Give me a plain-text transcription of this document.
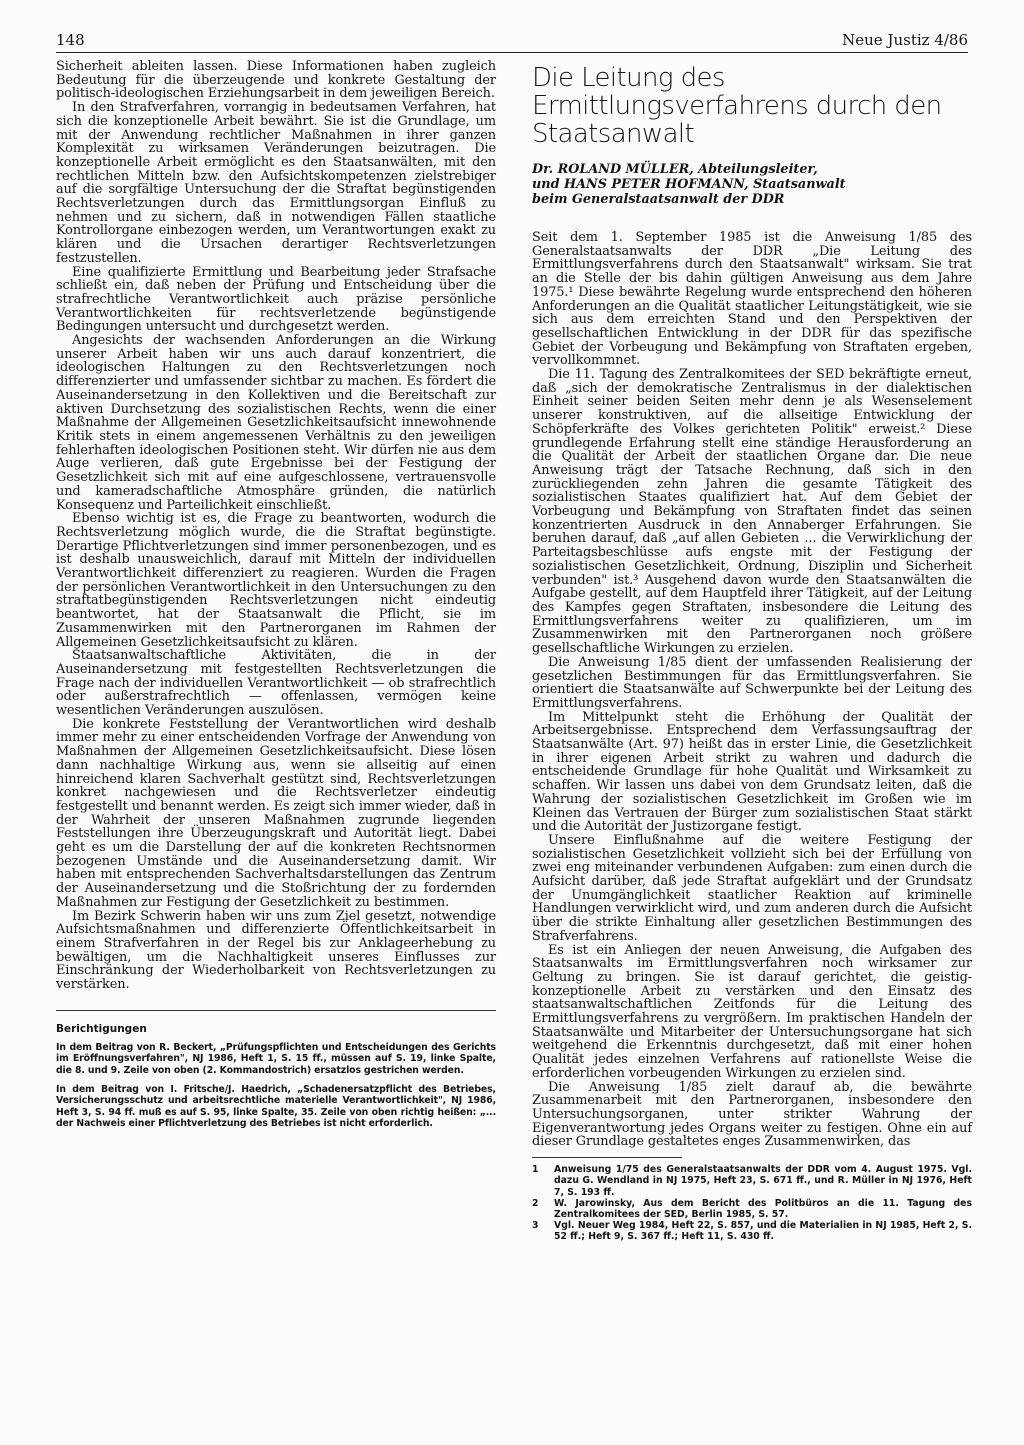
148	Neue Justiz 4/86

Sicherheit ableiten lassen. Diese Informationen haben zugleich Bedeutung für die überzeugende und konkrete Gestaltung der politisch-ideologischen Erziehungsarbeit in dem jeweiligen Bereich.

In den Strafverfahren, vorrangig in bedeutsamen Verfahren, hat sich die konzeptionelle Arbeit bewährt. Sie ist die Grundlage, um mit der Anwendung rechtlicher Maßnahmen in ihrer ganzen Komplexität zu wirksamen Veränderungen beizutragen. Die konzeptionelle Arbeit ermöglicht es den Staatsanwälten, mit den rechtlichen Mitteln bzw. den Aufsichtskompetenzen zielstrebiger auf die sorgfältige Untersuchung der die Straftat begünstigenden Rechtsverletzungen durch das Ermittlungsorgan Einfluß zu nehmen und zu sichern, daß in notwendigen Fällen staatliche Kontrollorgane einbezogen werden, um Verantwortungen exakt zu klären und die Ursachen derartiger Rechtsverletzungen festzustellen.

Eine qualifizierte Ermittlung und Bearbeitung jeder Strafsache schließt ein, daß neben der Prüfung und Entscheidung über die strafrechtliche Verantwortlichkeit auch präzise persönliche Verantwortlichkeiten für rechtsverletzende begünstigende Bedingungen untersucht und durchgesetzt werden.

Angesichts der wachsenden Anforderungen an die Wirkung unserer Arbeit haben wir uns auch darauf konzentriert, die ideologischen Haltungen zu den Rechtsverletzungen noch differenzierter und umfassender sichtbar zu machen. Es fördert die Auseinandersetzung in den Kollektiven und die Bereitschaft zur aktiven Durchsetzung des sozialistischen Rechts, wenn die einer Maßnahme der Allgemeinen Gesetzlichkeitsaufsicht innewohnende Kritik stets in einem angemessenen Verhältnis zu den jeweiligen fehlerhaften ideologischen Positionen steht. Wir dürfen nie aus dem Auge verlieren, daß gute Ergebnisse bei der Festigung der Gesetzlichkeit sich mit auf eine aufgeschlossene, vertrauensvolle und kameradschaftliche Atmosphäre gründen, die natürlich Konsequenz und Parteilichkeit einschließt.

Ebenso wichtig ist es, die Frage zu beantworten, wodurch die Rechtsverletzung möglich wurde, die die Straftat begünstigte. Derartige Pflichtverletzungen sind immer personenbezogen, und es ist deshalb unausweichlich, darauf mit Mitteln der individuellen Verantwortlichkeit differenziert zu reagieren. Wurden die Fragen der persönlichen Verantwortlichkeit in den Untersuchungen zu den straftatbegünstigenden Rechtsverletzungen nicht eindeutig beantwortet, hat der Staatsanwalt die Pflicht, sie im Zusammenwirken mit den Partnerorganen im Rahmen der Allgemeinen Gesetzlichkeitsaufsicht zu klären.

Staatsanwaltschaftliche Aktivitäten, die in der Auseinandersetzung mit festgestellten Rechtsverletzungen die Frage nach der individuellen Verantwortlichkeit — ob strafrechtlich oder außerstrafrechtlich — offenlassen, vermögen keine wesentlichen Veränderungen auszulösen.

Die konkrete Feststellung der Verantwortlichen wird deshalb immer mehr zu einer entscheidenden Vorfrage der Anwendung von Maßnahmen der Allgemeinen Gesetzlichkeitsaufsicht. Diese lösen dann nachhaltige Wirkung aus, wenn sie allseitig auf einen hinreichend klaren Sachverhalt gestützt sind, Rechtsverletzungen konkret nachgewiesen und die Rechtsverletzer eindeutig festgestellt und benannt werden. Es zeigt sich immer wieder, daß in der Wahrheit der unseren Maßnahmen zugrunde liegenden Feststellungen ihre Überzeugungskraft und Autorität liegt. Dabei geht es um die Darstellung der auf die konkreten Rechtsnormen bezogenen Umstände und die Auseinandersetzung damit. Wir haben mit entsprechenden Sachverhaltsdarstellungen das Zentrum der Auseinandersetzung und die Stoßrichtung der zu fordernden Maßnahmen zur Festigung der Gesetzlichkeit zu bestimmen.

Im Bezirk Schwerin haben wir uns zum Ziel gesetzt, notwendige Aufsichtsmaßnahmen und differenzierte Öffentlichkeitsarbeit in einem Strafverfahren in der Regel bis zur Anklageerhebung zu bewältigen, um die Nachhaltigkeit unseres Einflusses zur Einschränkung der Wiederholbarkeit von Rechtsverletzungen zu verstärken.

Berichtigungen

In dem Beitrag von R. Beckert, „Prüfungspflichten und Entscheidungen des Gerichts im Eröffnungsverfahren", NJ 1986, Heft 1, S. 15 ff., müssen auf S. 19, linke Spalte, die 8. und 9. Zeile von oben (2. Kommandostrich) ersatzlos gestrichen werden.

In dem Beitrag von I. Fritsche/J. Haedrich, „Schadenersatzpflicht des Betriebes, Versicherungsschutz und arbeitsrechtliche materielle Verantwortlichkeit", NJ 1986, Heft 3, S. 94 ff. muß es auf S. 95, linke Spalte, 35. Zeile von oben richtig heißen: „... der Nachweis einer Pflichtverletzung des Betriebes ist nicht erforderlich.

Die Leitung des Ermittlungsverfahrens durch den Staatsanwalt
Dr. ROLAND MÜLLER, Abteilungsleiter,
und HANS PETER HOFMANN, Staatsanwalt
beim Generalstaatsanwalt der DDR

Seit dem 1. September 1985 ist die Anweisung 1/85 des Generalstaatsanwalts der DDR „Die Leitung des Ermittlungsverfahrens durch den Staatsanwalt" wirksam. Sie trat an die Stelle der bis dahin gültigen Anweisung aus dem Jahre 1975.¹ Diese bewährte Regelung wurde entsprechend den höheren Anforderungen an die Qualität staatlicher Leitungstätigkeit, wie sie sich aus dem erreichten Stand und den Perspektiven der gesellschaftlichen Entwicklung in der DDR für das spezifische Gebiet der Vorbeugung und Bekämpfung von Straftaten ergeben, vervollkommnet.

Die 11. Tagung des Zentralkomitees der SED bekräftigte erneut, daß „sich der demokratische Zentralismus in der dialektischen Einheit seiner beiden Seiten mehr denn je als Wesenselement unserer konstruktiven, auf die allseitige Entwicklung der Schöpferkräfte des Volkes gerichteten Politik" erweist.² Diese grundlegende Erfahrung stellt eine ständige Herausforderung an die Qualität der Arbeit der staatlichen Organe dar. Die neue Anweisung trägt der Tatsache Rechnung, daß sich in den zurückliegenden zehn Jahren die gesamte Tätigkeit des sozialistischen Staates qualifiziert hat. Auf dem Gebiet der Vorbeugung und Bekämpfung von Straftaten findet das seinen konzentrierten Ausdruck in den Annaberger Erfahrungen. Sie beruhen darauf, daß „auf allen Gebieten ... die Verwirklichung der Parteitagsbeschlüsse aufs engste mit der Festigung der sozialistischen Gesetzlichkeit, Ordnung, Disziplin und Sicherheit verbunden" ist.³ Ausgehend davon wurde den Staatsanwälten die Aufgabe gestellt, auf dem Hauptfeld ihrer Tätigkeit, auf der Leitung des Kampfes gegen Straftaten, insbesondere die Leitung des Ermittlungsverfahrens weiter zu qualifizieren, um im Zusammenwirken mit den Partnerorganen noch größere gesellschaftliche Wirkungen zu erzielen.

Die Anweisung 1/85 dient der umfassenden Realisierung der gesetzlichen Bestimmungen für das Ermittlungsverfahren. Sie orientiert die Staatsanwälte auf Schwerpunkte bei der Leitung des Ermittlungsverfahrens.

Im Mittelpunkt steht die Erhöhung der Qualität der Arbeitsergebnisse. Entsprechend dem Verfassungsauftrag der Staatsanwälte (Art. 97) heißt das in erster Linie, die Gesetzlichkeit in ihrer eigenen Arbeit strikt zu wahren und dadurch die entscheidende Grundlage für hohe Qualität und Wirksamkeit zu schaffen. Wir lassen uns dabei von dem Grundsatz leiten, daß die Wahrung der sozialistischen Gesetzlichkeit im Großen wie im Kleinen das Vertrauen der Bürger zum sozialistischen Staat stärkt und die Autorität der Justizorgane festigt.

Unsere Einflußnahme auf die weitere Festigung der sozialistischen Gesetzlichkeit vollzieht sich bei der Erfüllung von zwei eng miteinander verbundenen Aufgaben: zum einen durch die Aufsicht darüber, daß jede Straftat aufgeklärt und der Grundsatz der Unumgänglichkeit staatlicher Reaktion auf kriminelle Handlungen verwirklicht wird, und zum anderen durch die Aufsicht über die strikte Einhaltung aller gesetzlichen Bestimmungen des Strafverfahrens.

Es ist ein Anliegen der neuen Anweisung, die Aufgaben des Staatsanwalts im Ermittlungsverfahren noch wirksamer zur Geltung zu bringen. Sie ist darauf gerichtet, die geistig-konzeptionelle Arbeit zu verstärken und den Einsatz des staatsanwaltschaftlichen Zeitfonds für die Leitung des Ermittlungsverfahrens zu vergrößern. Im praktischen Handeln der Staatsanwälte und Mitarbeiter der Untersuchungsorgane hat sich weitgehend die Erkenntnis durchgesetzt, daß mit einer hohen Qualität jedes einzelnen Verfahrens auf rationellste Weise die erforderlichen vorbeugenden Wirkungen zu erzielen sind.

Die Anweisung 1/85 zielt darauf ab, die bewährte Zusammenarbeit mit den Partnerorganen, insbesondere den Untersuchungsorganen, unter strikter Wahrung der Eigenverantwortung jedes Organs weiter zu festigen. Ohne ein auf dieser Grundlage gestaltetes enges Zusammenwirken, das

1	Anweisung 1/75 des Generalstaatsanwalts der DDR vom 4. August 1975. Vgl. dazu G. Wendland in NJ 1975, Heft 23, S. 671 ff., und R. Müller in NJ 1976, Heft 7, S. 193 ff.
2	W. Jarowinsky, Aus dem Bericht des Politbüros an die 11. Tagung des Zentralkomitees der SED, Berlin 1985, S. 57.
3	Vgl. Neuer Weg 1984, Heft 22, S. 857, und die Materialien in NJ 1985, Heft 2, S. 52 ff.; Heft 9, S. 367 ff.; Heft 11, S. 430 ff.
